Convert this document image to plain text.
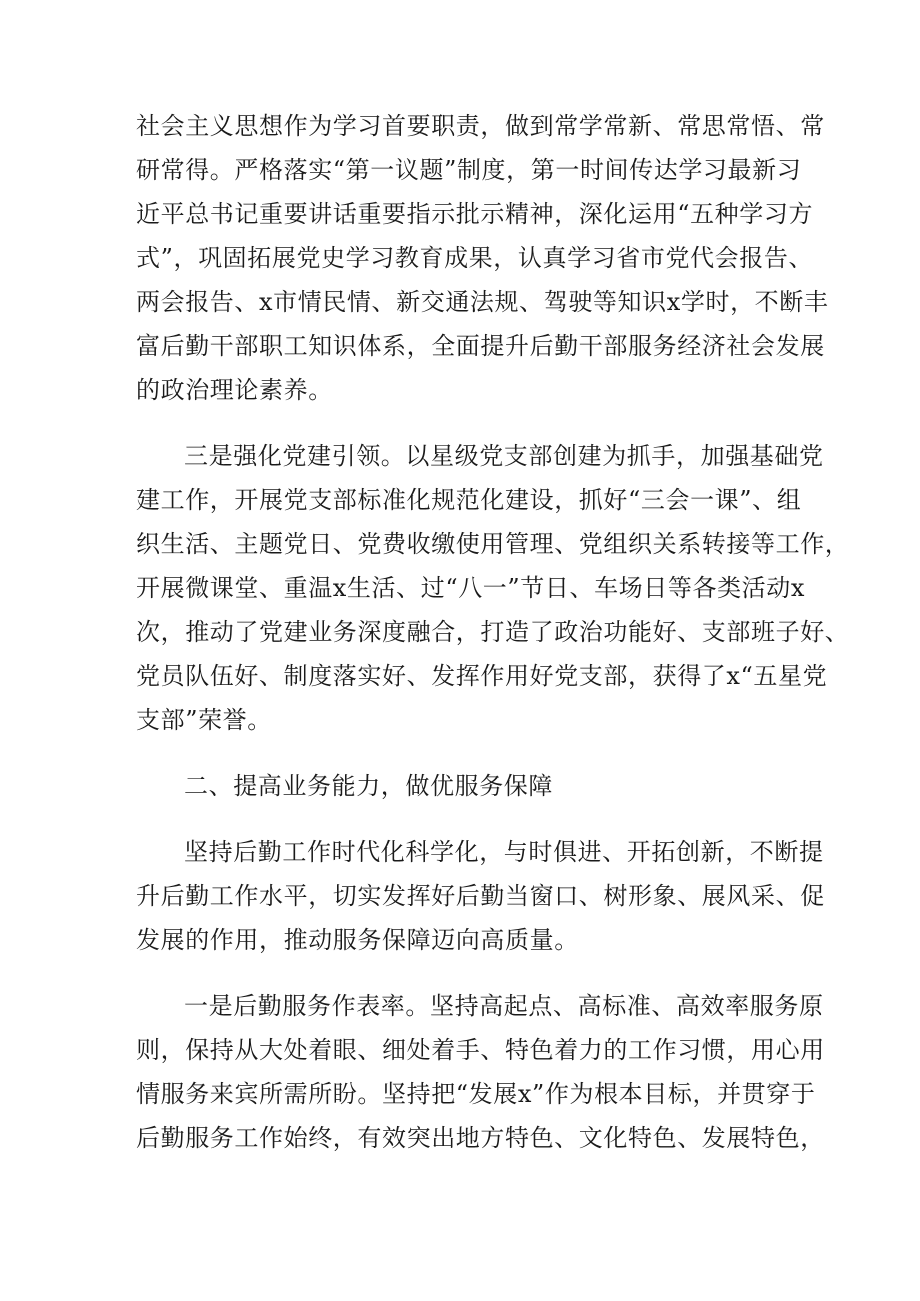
社会主义思想作为学习首要职责，做到常学常新、常思常悟、常
研常得。严格落实“第一议题”制度，第一时间传达学习最新习
近平总书记重要讲话重要指示批示精神，深化运用“五种学习方
式”，巩固拓展党史学习教育成果，认真学习省市党代会报告、
两会报告、x市情民情、新交通法规、驾驶等知识x学时，不断丰
富后勤干部职工知识体系，全面提升后勤干部服务经济社会发展
的政治理论素养。
三是强化党建引领。以星级党支部创建为抓手，加强基础党
建工作，开展党支部标准化规范化建设，抓好“三会一课”、组
织生活、主题党日、党费收缴使用管理、党组织关系转接等工作，
开展微课堂、重温x生活、过“八一”节日、车场日等各类活动x
次，推动了党建业务深度融合，打造了政治功能好、支部班子好、
党员队伍好、制度落实好、发挥作用好党支部，获得了x“五星党
支部”荣誉。
二、提高业务能力，做优服务保障
坚持后勤工作时代化科学化，与时俱进、开拓创新，不断提
升后勤工作水平，切实发挥好后勤当窗口、树形象、展风采、促
发展的作用，推动服务保障迈向高质量。
一是后勤服务作表率。坚持高起点、高标准、高效率服务原
则，保持从大处着眼、细处着手、特色着力的工作习惯，用心用
情服务来宾所需所盼。坚持把“发展x”作为根本目标，并贯穿于
后勤服务工作始终，有效突出地方特色、文化特色、发展特色，
